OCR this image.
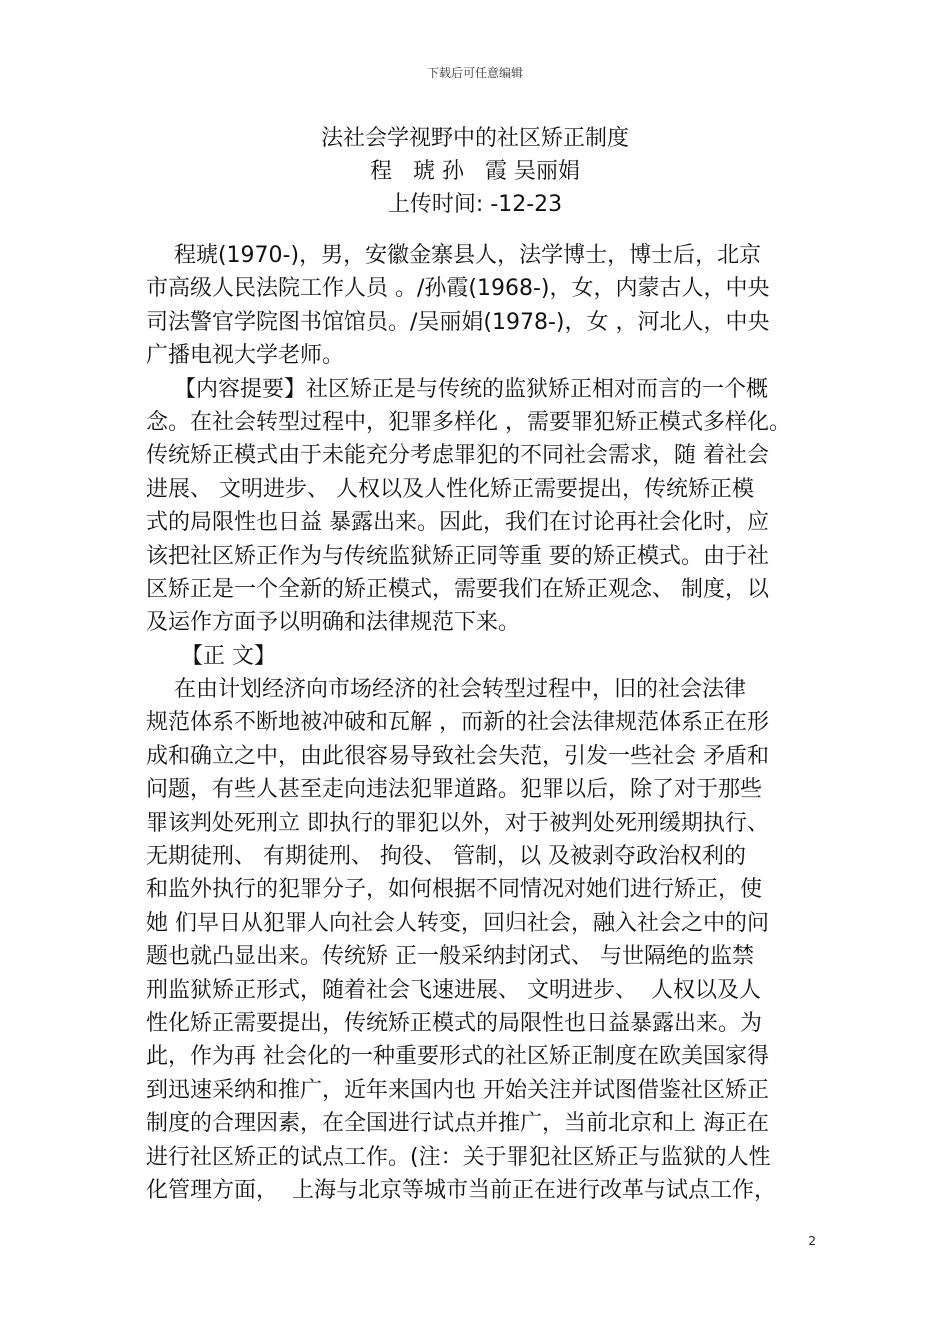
下载后可任意编辑
法社会学视野中的社区矫正制度
程   琥 孙   霞 吴丽娟
上传时间: -12-23
程琥(1970-)，男，安徽金寨县人，法学博士，博士后，北京
市高级人民法院工作人员 。/孙霞(1968-)，女，内蒙古人，中央
司法警官学院图书馆馆员。/吴丽娟(1978-)，女 ，河北人，中央
广播电视大学老师。
【内容提要】社区矫正是与传统的监狱矫正相对而言的一个概
念。在社会转型过程中，犯罪多样化 ，需要罪犯矫正模式多样化。
传统矫正模式由于未能充分考虑罪犯的不同社会需求，随 着社会
进展、 文明进步、 人权以及人性化矫正需要提出，传统矫正模
式的局限性也日益 暴露出来。因此，我们在讨论再社会化时，应
该把社区矫正作为与传统监狱矫正同等重 要的矫正模式。由于社
区矫正是一个全新的矫正模式，需要我们在矫正观念、 制度，以
及运作方面予以明确和法律规范下来。
【正 文】
在由计划经济向市场经济的社会转型过程中，旧的社会法律
规范体系不断地被冲破和瓦解 ，而新的社会法律规范体系正在形
成和确立之中，由此很容易导致社会失范，引发一些社会 矛盾和
问题，有些人甚至走向违法犯罪道路。犯罪以后，除了对于那些
罪该判处死刑立 即执行的罪犯以外，对于被判处死刑缓期执行、
无期徒刑、 有期徒刑、 拘役、 管制，以 及被剥夺政治权利的
和监外执行的犯罪分子，如何根据不同情况对她们进行矫正，使
她 们早日从犯罪人向社会人转变，回归社会，融入社会之中的问
题也就凸显出来。传统矫 正一般采纳封闭式、 与世隔绝的监禁
刑监狱矫正形式，随着社会飞速进展、 文明进步、  人权以及人
性化矫正需要提出，传统矫正模式的局限性也日益暴露出来。为
此，作为再 社会化的一种重要形式的社区矫正制度在欧美国家得
到迅速采纳和推广，近年来国内也 开始关注并试图借鉴社区矫正
制度的合理因素，在全国进行试点并推广，当前北京和上 海正在
进行社区矫正的试点工作。(注：关于罪犯社区矫正与监狱的人性
化管理方面，  上海与北京等城市当前正在进行改革与试点工作，
2
